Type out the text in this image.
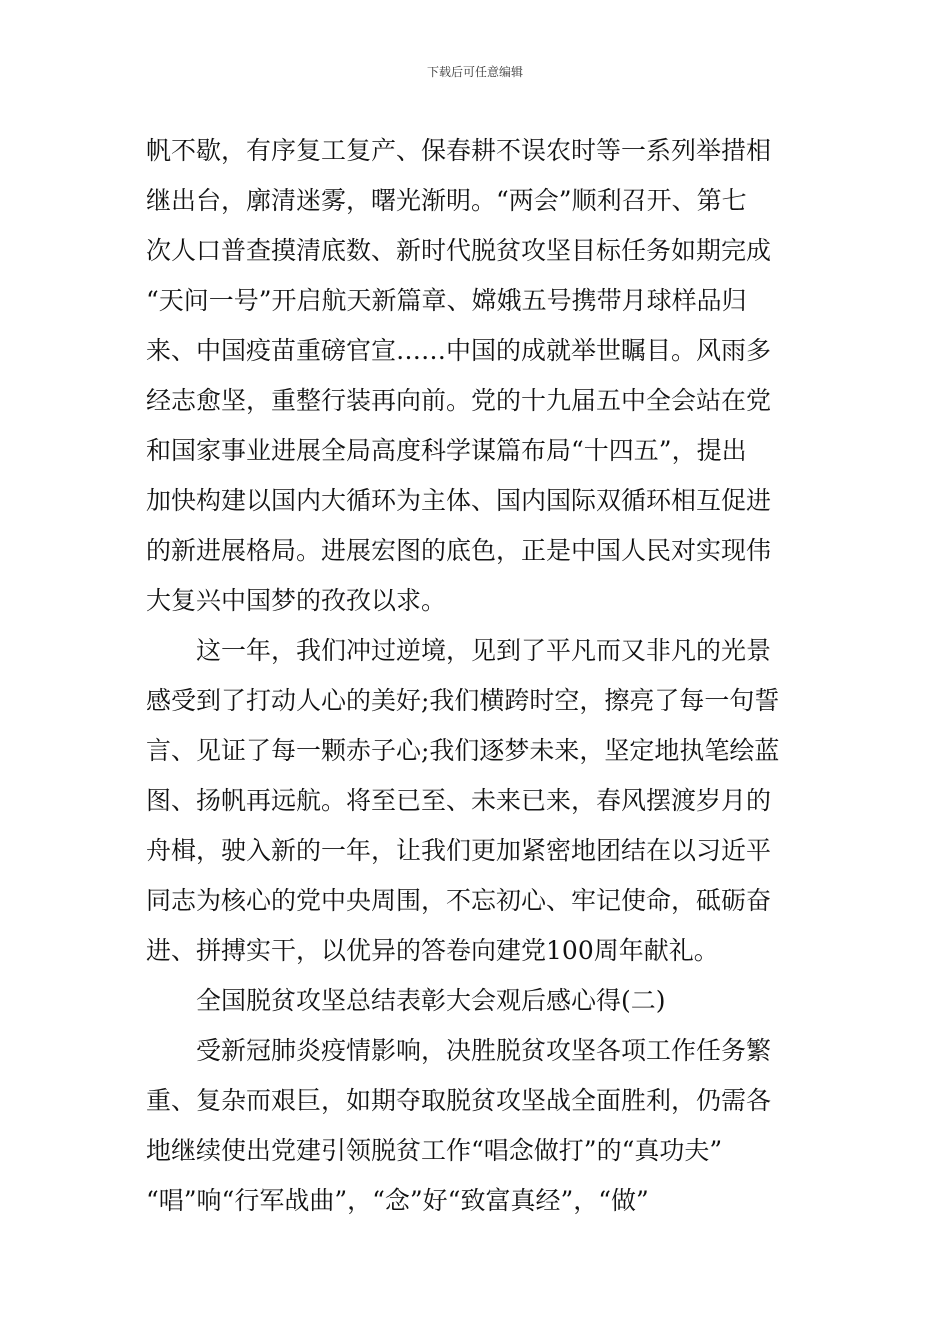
下载后可任意编辑
帆不歇，有序复工复产、保春耕不误农时等一系列举措相
继出台，廓清迷雾，曙光渐明。“两会”顺利召开、第七
次人口普查摸清底数、新时代脱贫攻坚目标任务如期完成
“天问一号”开启航天新篇章、嫦娥五号携带月球样品归
来、中国疫苗重磅官宣……中国的成就举世瞩目。风雨多
经志愈坚，重整行装再向前。党的十九届五中全会站在党
和国家事业进展全局高度科学谋篇布局“十四五”，提出
加快构建以国内大循环为主体、国内国际双循环相互促进
的新进展格局。进展宏图的底色，正是中国人民对实现伟
大复兴中国梦的孜孜以求。
这一年，我们冲过逆境，见到了平凡而又非凡的光景
感受到了打动人心的美好;我们横跨时空，擦亮了每一句誓
言、见证了每一颗赤子心;我们逐梦未来，坚定地执笔绘蓝
图、扬帆再远航。将至已至、未来已来，春风摆渡岁月的
舟楫，驶入新的一年，让我们更加紧密地团结在以习近平
同志为核心的党中央周围，不忘初心、牢记使命，砥砺奋
进、拼搏实干，以优异的答卷向建党100周年献礼。
全国脱贫攻坚总结表彰大会观后感心得(二)
受新冠肺炎疫情影响，决胜脱贫攻坚各项工作任务繁
重、复杂而艰巨，如期夺取脱贫攻坚战全面胜利，仍需各
地继续使出党建引领脱贫工作“唱念做打”的“真功夫”
“唱”响“行军战曲”，“念”好“致富真经”，“做”
